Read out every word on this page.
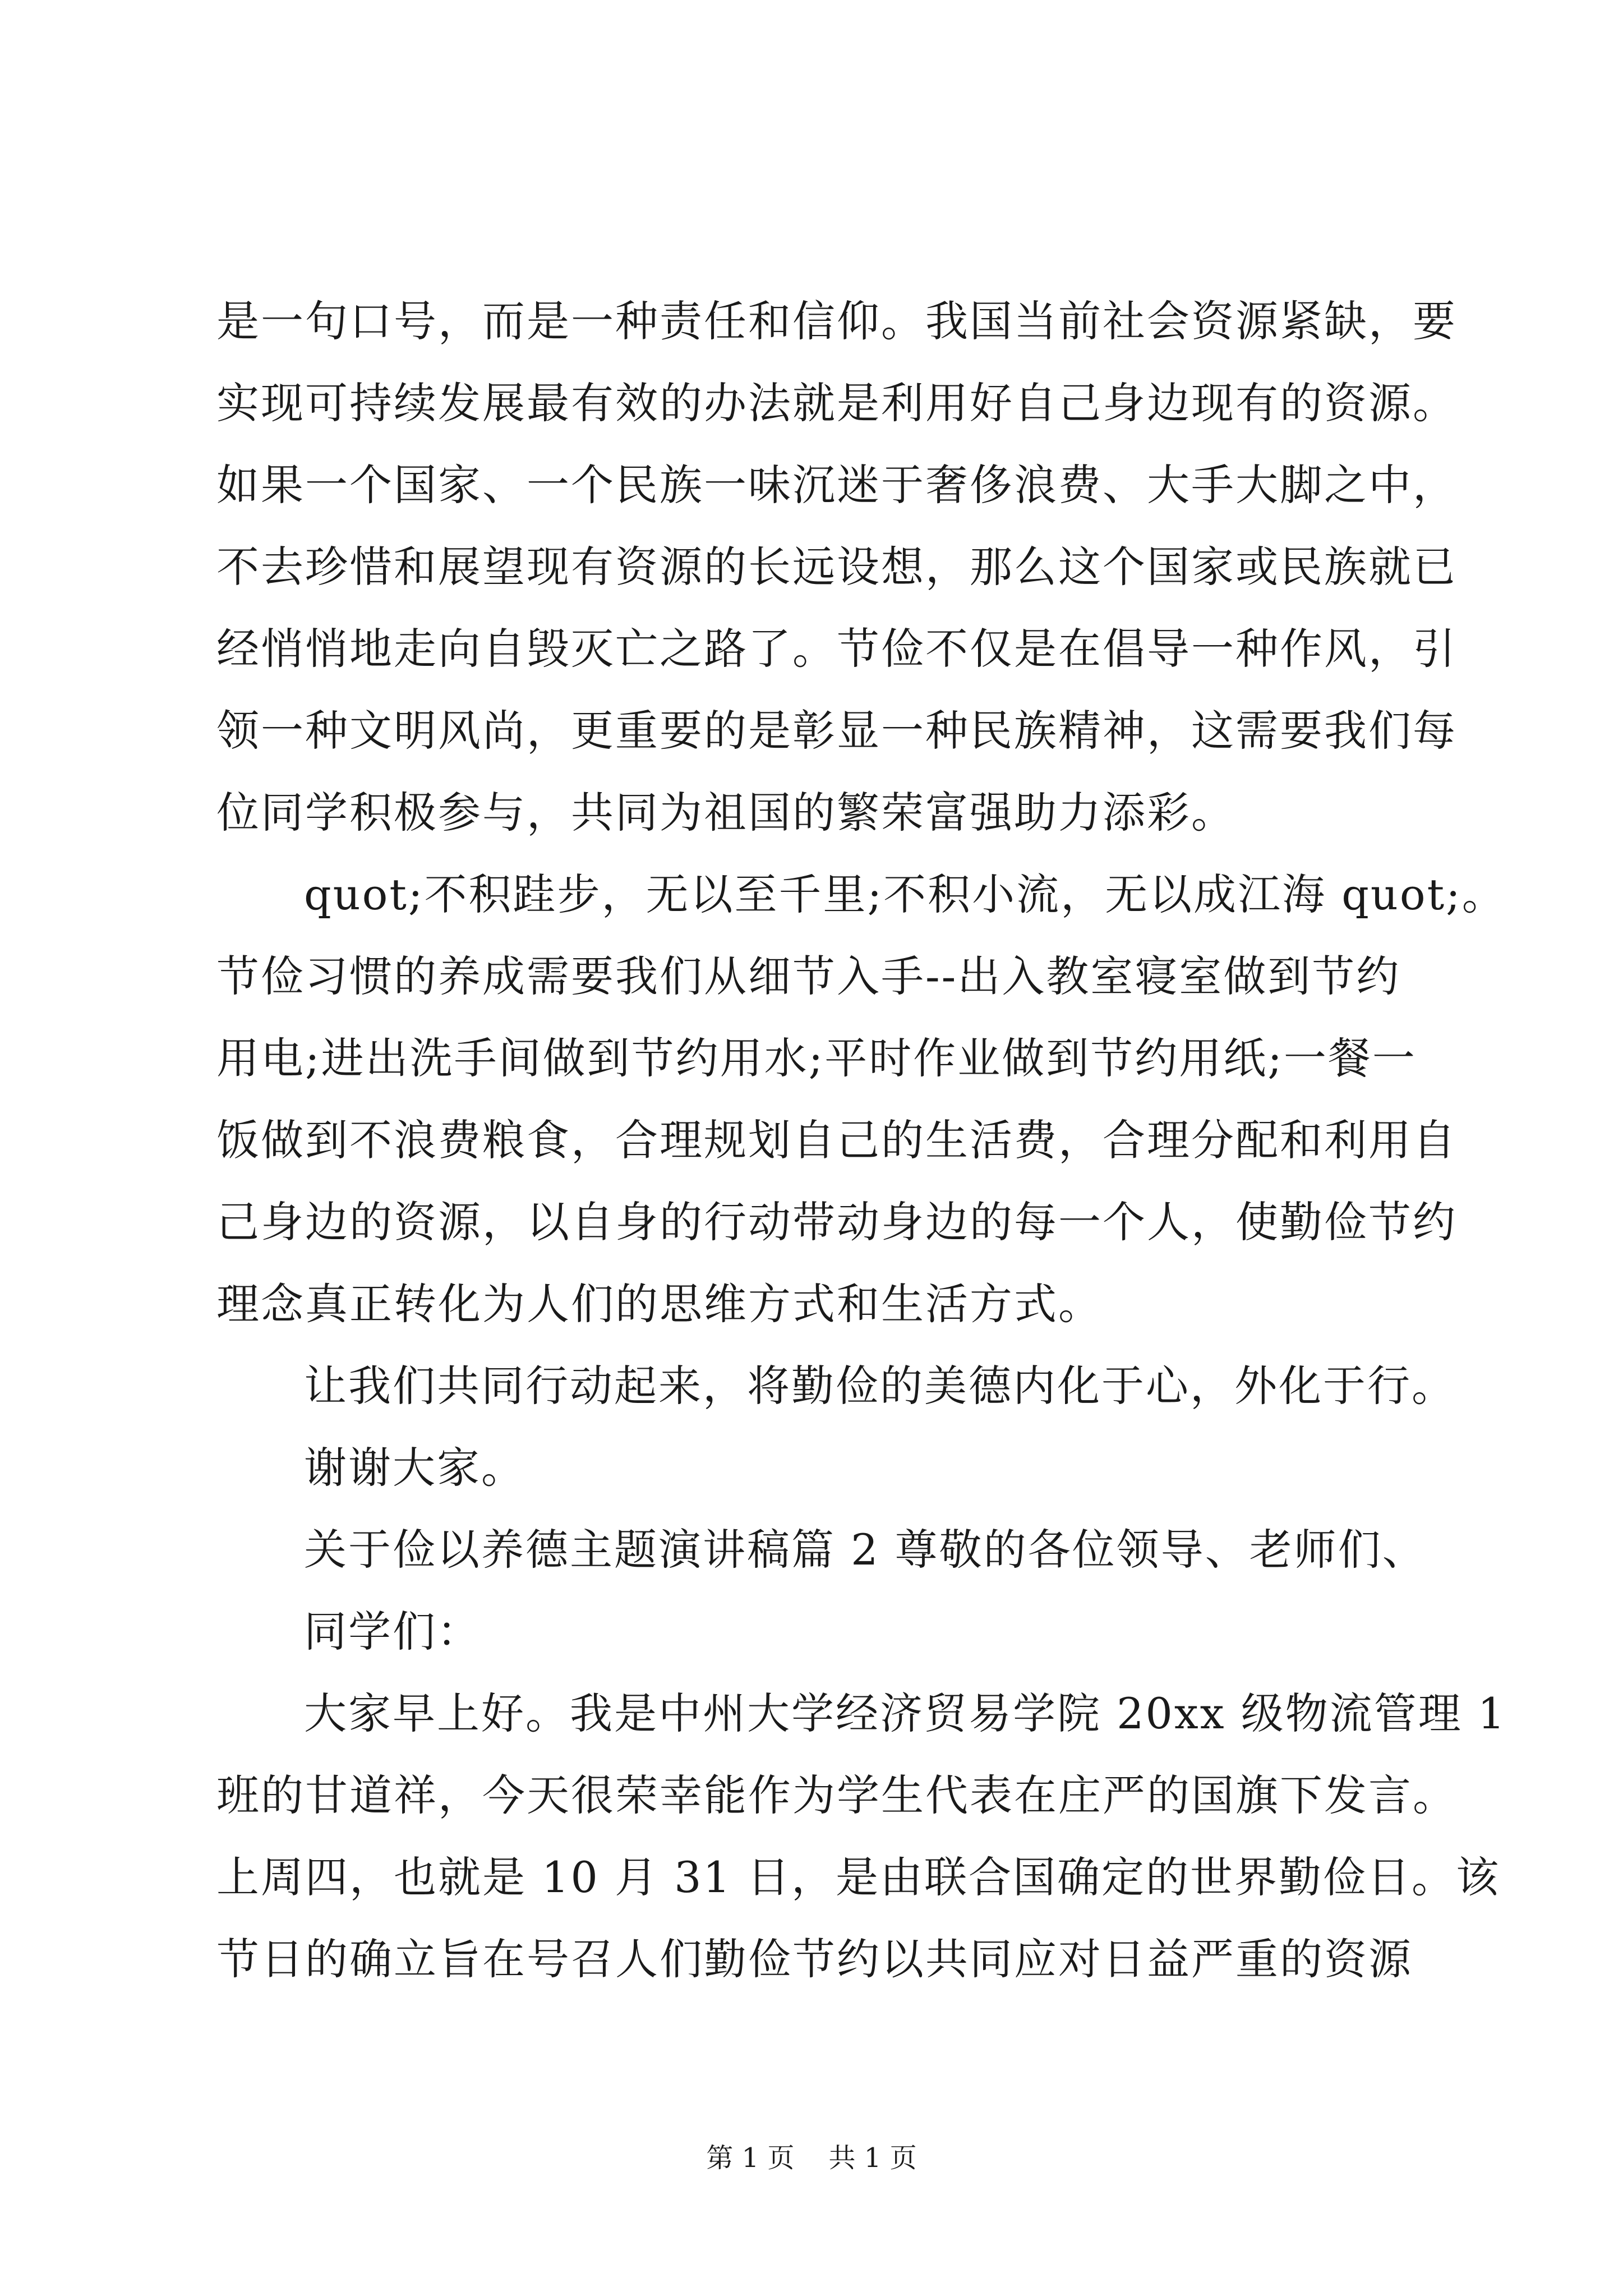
是一句口号，而是一种责任和信仰。我国当前社会资源紧缺，要
实现可持续发展最有效的办法就是利用好自己身边现有的资源。
如果一个国家、一个民族一味沉迷于奢侈浪费、大手大脚之中，
不去珍惜和展望现有资源的长远设想，那么这个国家或民族就已
经悄悄地走向自毁灭亡之路了。节俭不仅是在倡导一种作风，引
领一种文明风尚，更重要的是彰显一种民族精神，这需要我们每
位同学积极参与，共同为祖国的繁荣富强助力添彩。
quot;不积跬步，无以至千里;不积小流，无以成江海 quot;。
节俭习惯的养成需要我们从细节入手--出入教室寝室做到节约
用电;进出洗手间做到节约用水;平时作业做到节约用纸;一餐一
饭做到不浪费粮食，合理规划自己的生活费，合理分配和利用自
己身边的资源，以自身的行动带动身边的每一个人，使勤俭节约
理念真正转化为人们的思维方式和生活方式。
让我们共同行动起来，将勤俭的美德内化于心，外化于行。
谢谢大家。
关于俭以养德主题演讲稿篇 2 尊敬的各位领导、老师们、
同学们：
大家早上好。我是中州大学经济贸易学院 20xx 级物流管理 1
班的甘道祥，今天很荣幸能作为学生代表在庄严的国旗下发言。
上周四，也就是 10 月 31 日，是由联合国确定的世界勤俭日。该
节日的确立旨在号召人们勤俭节约以共同应对日益严重的资源
第 1 页 共 1 页
